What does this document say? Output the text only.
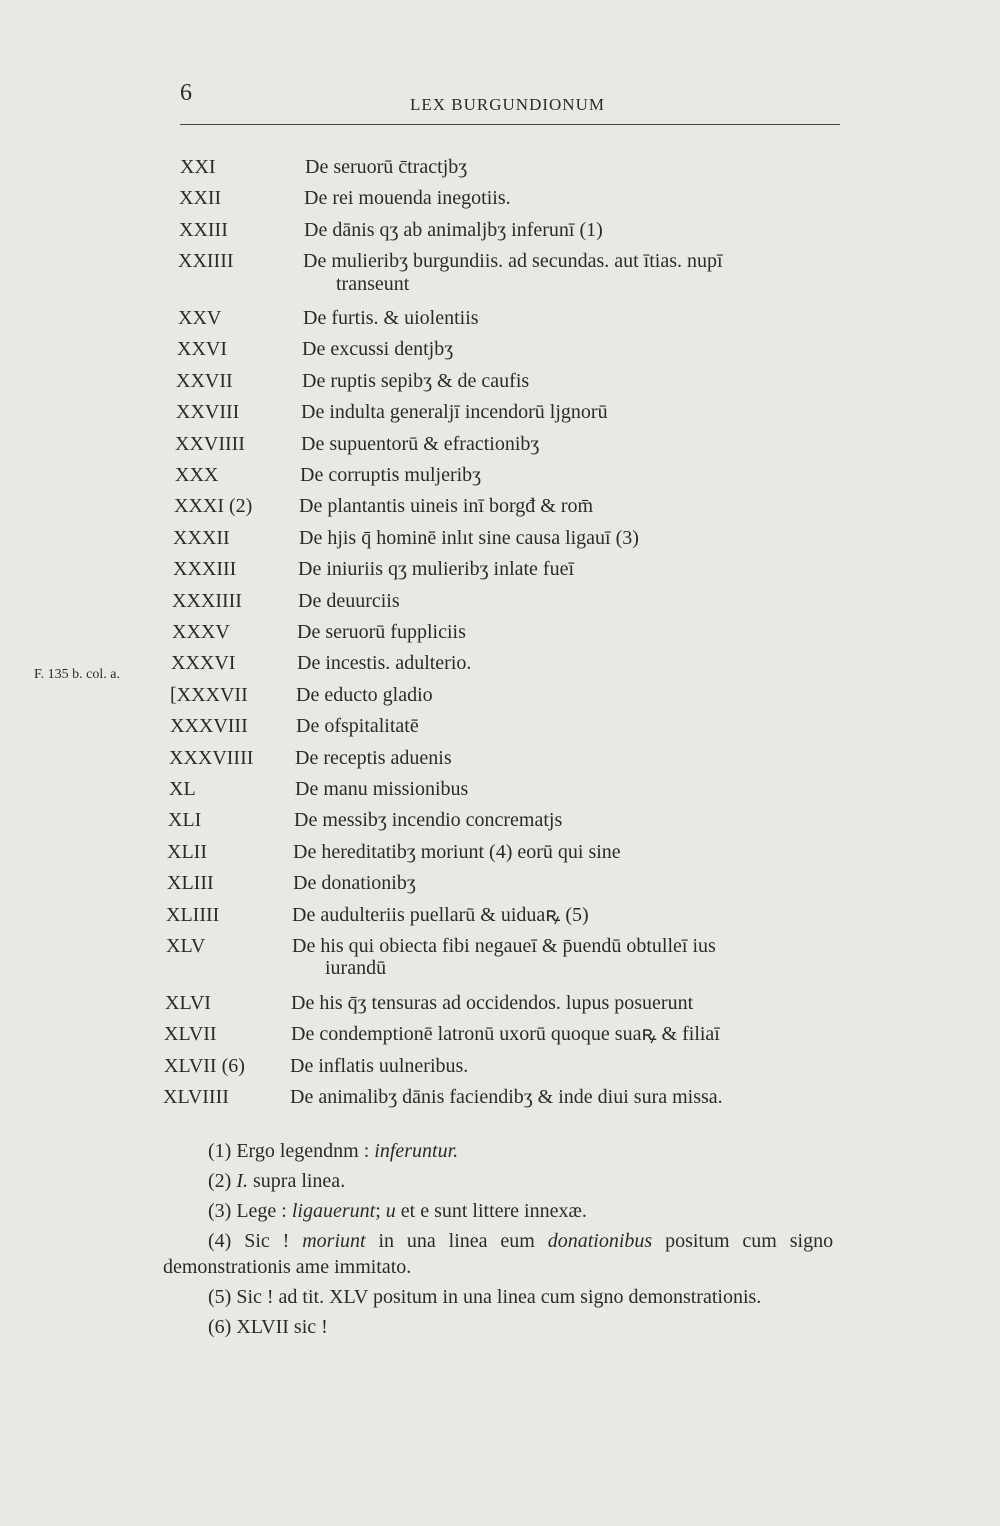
6	LEX BURGUNDIONUM
F. 135 b. col. a.
XXI	De seruorū c̄tractjbʒ
XXII	De rei mouenda inegotiis.
XXIII	De dānis qʒ ab animaljbʒ inferunī (1)
XXIIII	De mulieribʒ burgundiis. ad secundas. aut ītias. nupī
transeunt
XXV	De furtis. & uiolentiis
XXVI	De excussi dentjbʒ
XXVII	De ruptis sepibʒ & de caufis
XXVIII	De indulta generaljī incendorū ljgnorū
XXVIIII	De supuentorū & efractionibʒ
XXX	De corruptis muljeribʒ
XXXI (2) De plantantis uineis inī borgđ & rom̄
XXXII	De hjis q̄ hominē inlıt sine causa ligauī (3)
XXXIII	De iniuriis qʒ mulieribʒ inlate fueī
XXXIIII	De deuurciis
XXXV	De seruorū fuppliciis
XXXVI	De incestis. adulterio.
[XXXVII De educto gladio
XXXVIII De ofspitalitatē
XXXVIIII De receptis aduenis
XL	De manu missionibus
XLI	De messibʒ incendio concrematjs
XLII	De hereditatibʒ moriunt (4) eorū qui sine
XLIII	De donationibʒ
XLIIII	De audulteriis puellarū & uiduaꝶ (5)
XLV	De his qui obiecta fibi negaueī & p̄uendū obtulleī ius
iurandū
XLVI	De his q̄ʒ tensuras ad occidendos. lupus posuerunt
XLVII	De condemptionē latronū uxorū quoque suaꝶ & filiaī
XLVII (6) De inflatis uulneribus.
XLVIIII	De animalibʒ dānis faciendibʒ & inde diui sura missa.

(1) Ergo legendnm : inferuntur.

(2) I. supra linea.

(3) Lege : ligauerunt; u et e sunt littere innexæ.

(4) Sic ! moriunt in una linea eum donationibus positum cum signo demonstrationis ame immitato.

(5) Sic ! ad tit. XLV positum in una linea cum signo demonstrationis.

(6) XLVII sic !
